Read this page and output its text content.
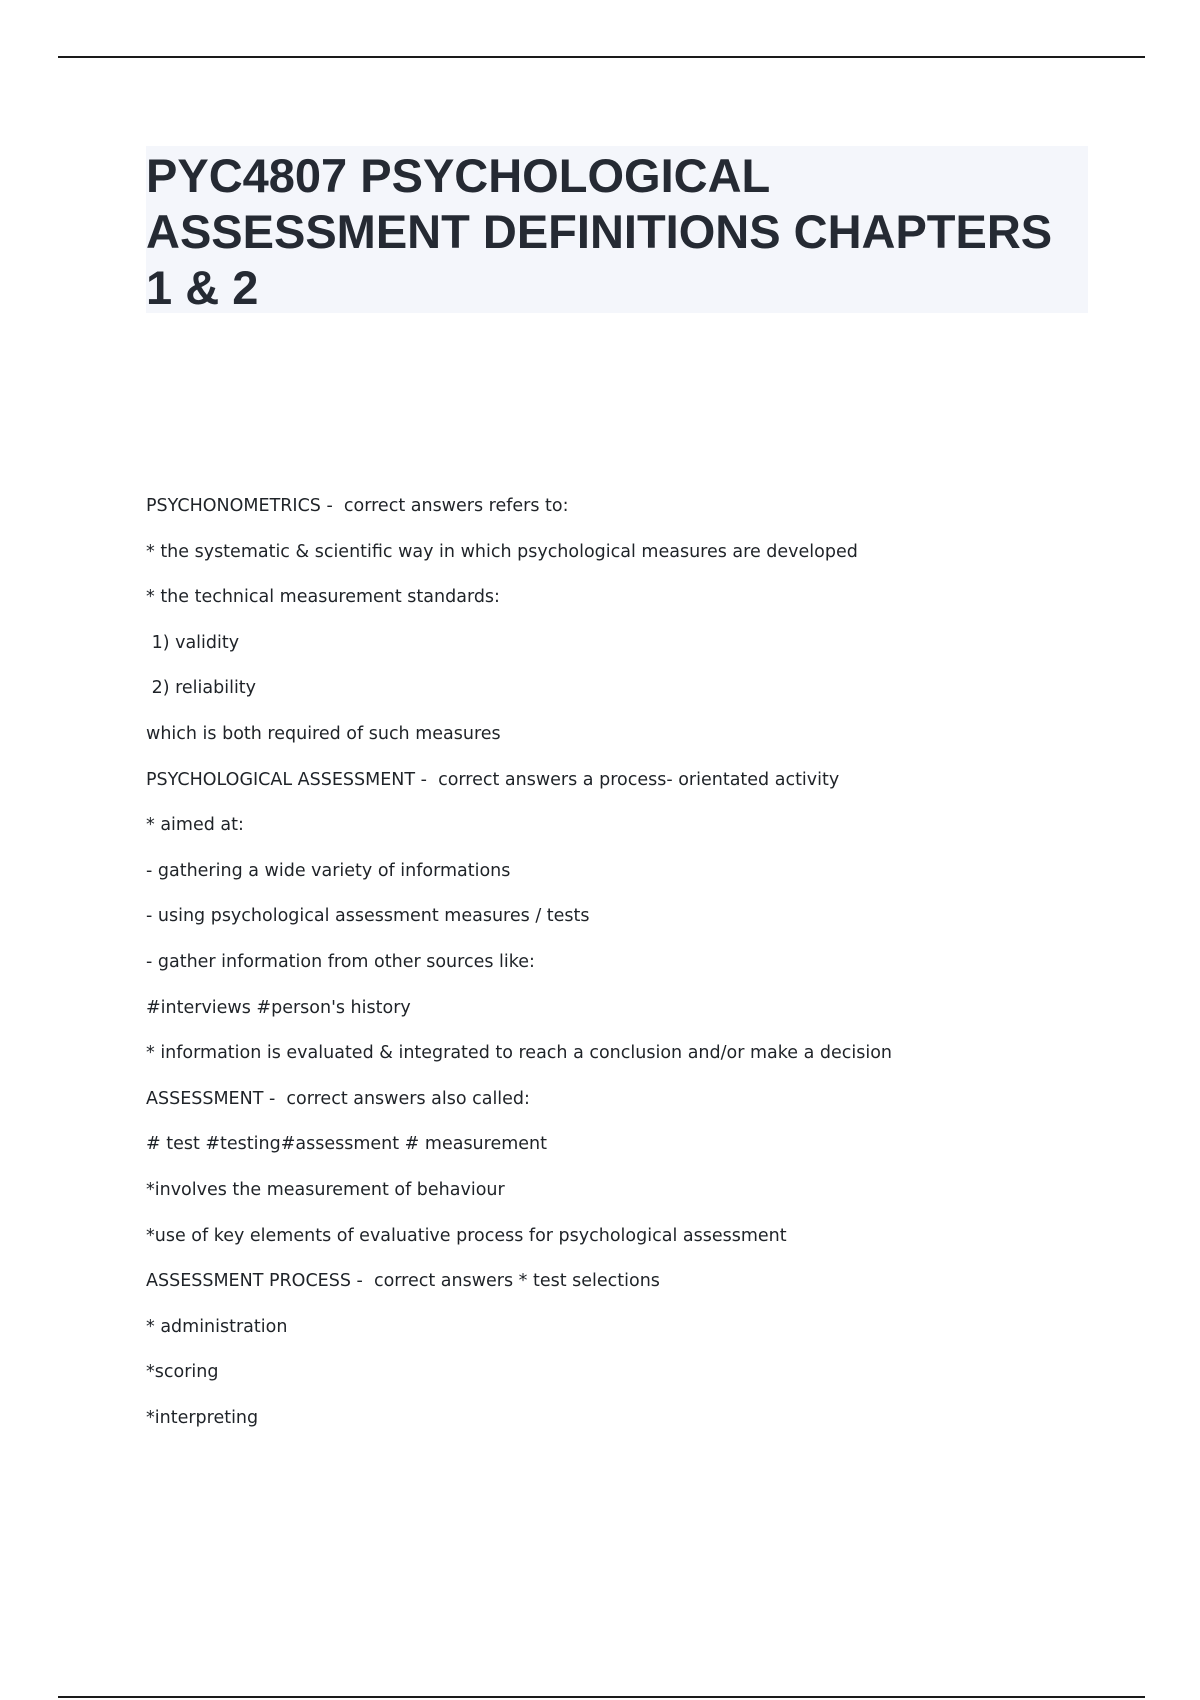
PYC4807 PSYCHOLOGICAL ASSESSMENT DEFINITIONS CHAPTERS 1 & 2
PSYCHONOMETRICS -  correct answers refers to:
* the systematic & scientific way in which psychological measures are developed
* the technical measurement standards:
1) validity
2) reliability
which is both required of such measures
PSYCHOLOGICAL ASSESSMENT -  correct answers a process- orientated activity
* aimed at:
- gathering a wide variety of informations
- using psychological assessment measures / tests
- gather information from other sources like:
#interviews #person's history
* information is evaluated & integrated to reach a conclusion and/or make a decision
ASSESSMENT -  correct answers also called:
# test #testing#assessment # measurement
*involves the measurement of behaviour
*use of key elements of evaluative process for psychological assessment
ASSESSMENT PROCESS -  correct answers * test selections
* administration
*scoring
*interpreting
